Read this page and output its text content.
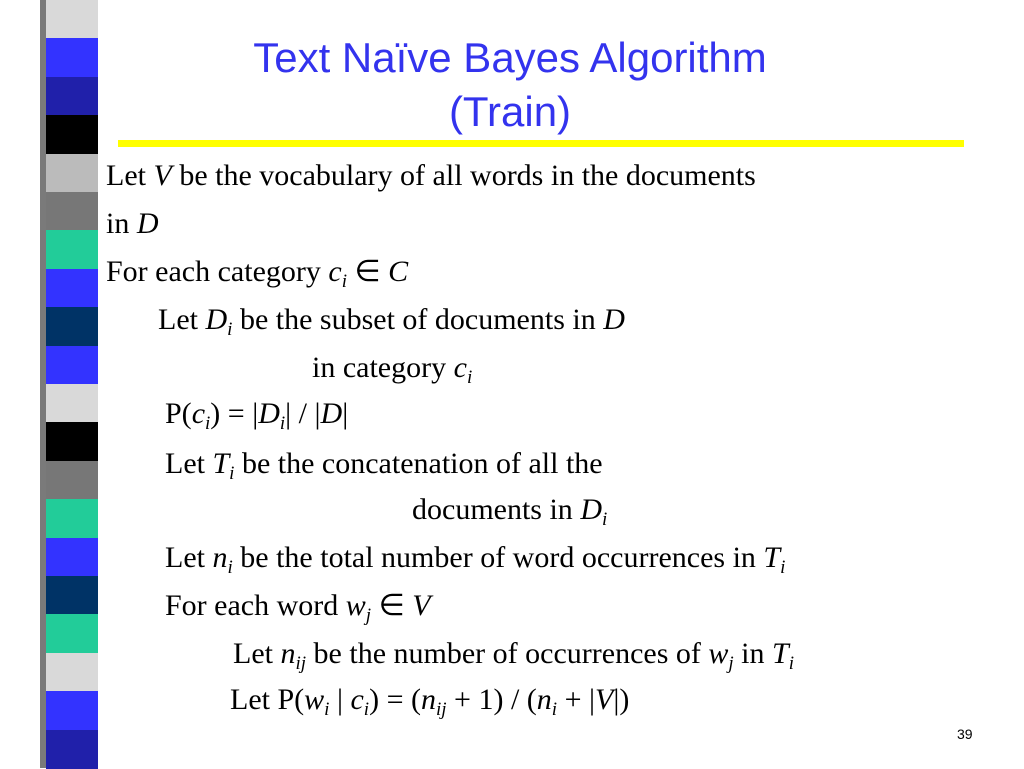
Text Naïve Bayes Algorithm
(Train)
Let V be the vocabulary of all words in the documents
in D
For each category $c_i$ ∈ C
Let $D_i$ be the subset of documents in D
in category $c_i$
$P(c_i) = |D_i| / |D|$
Let $T_i$ be the concatenation of all the
documents in $D_i$
Let $n_i$ be the total number of word occurrences in $T_i$
For each word $w_j$ ∈ V
Let $n_{ij}$ be the number of occurrences of $w_j$ in $T_i$
Let $P(w_i$ | $c_i) = (n_{ij} + 1) / (n_i + |V|)$
39
